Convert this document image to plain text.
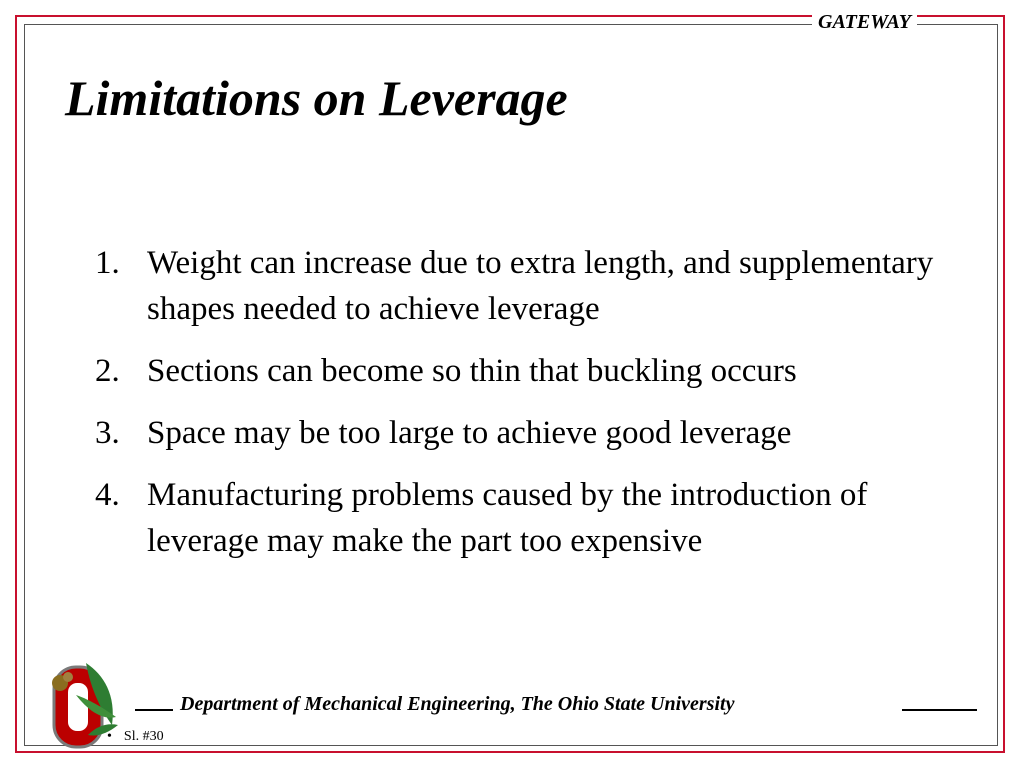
GATEWAY
Limitations on Leverage
1. Weight can increase due to extra length, and supplementary shapes needed to achieve leverage
2. Sections can become so thin that buckling occurs
3. Space may be too large to achieve good leverage
4. Manufacturing problems caused by the introduction of leverage may make the part too expensive
Department of Mechanical Engineering, The Ohio State University
• Sl. #30
